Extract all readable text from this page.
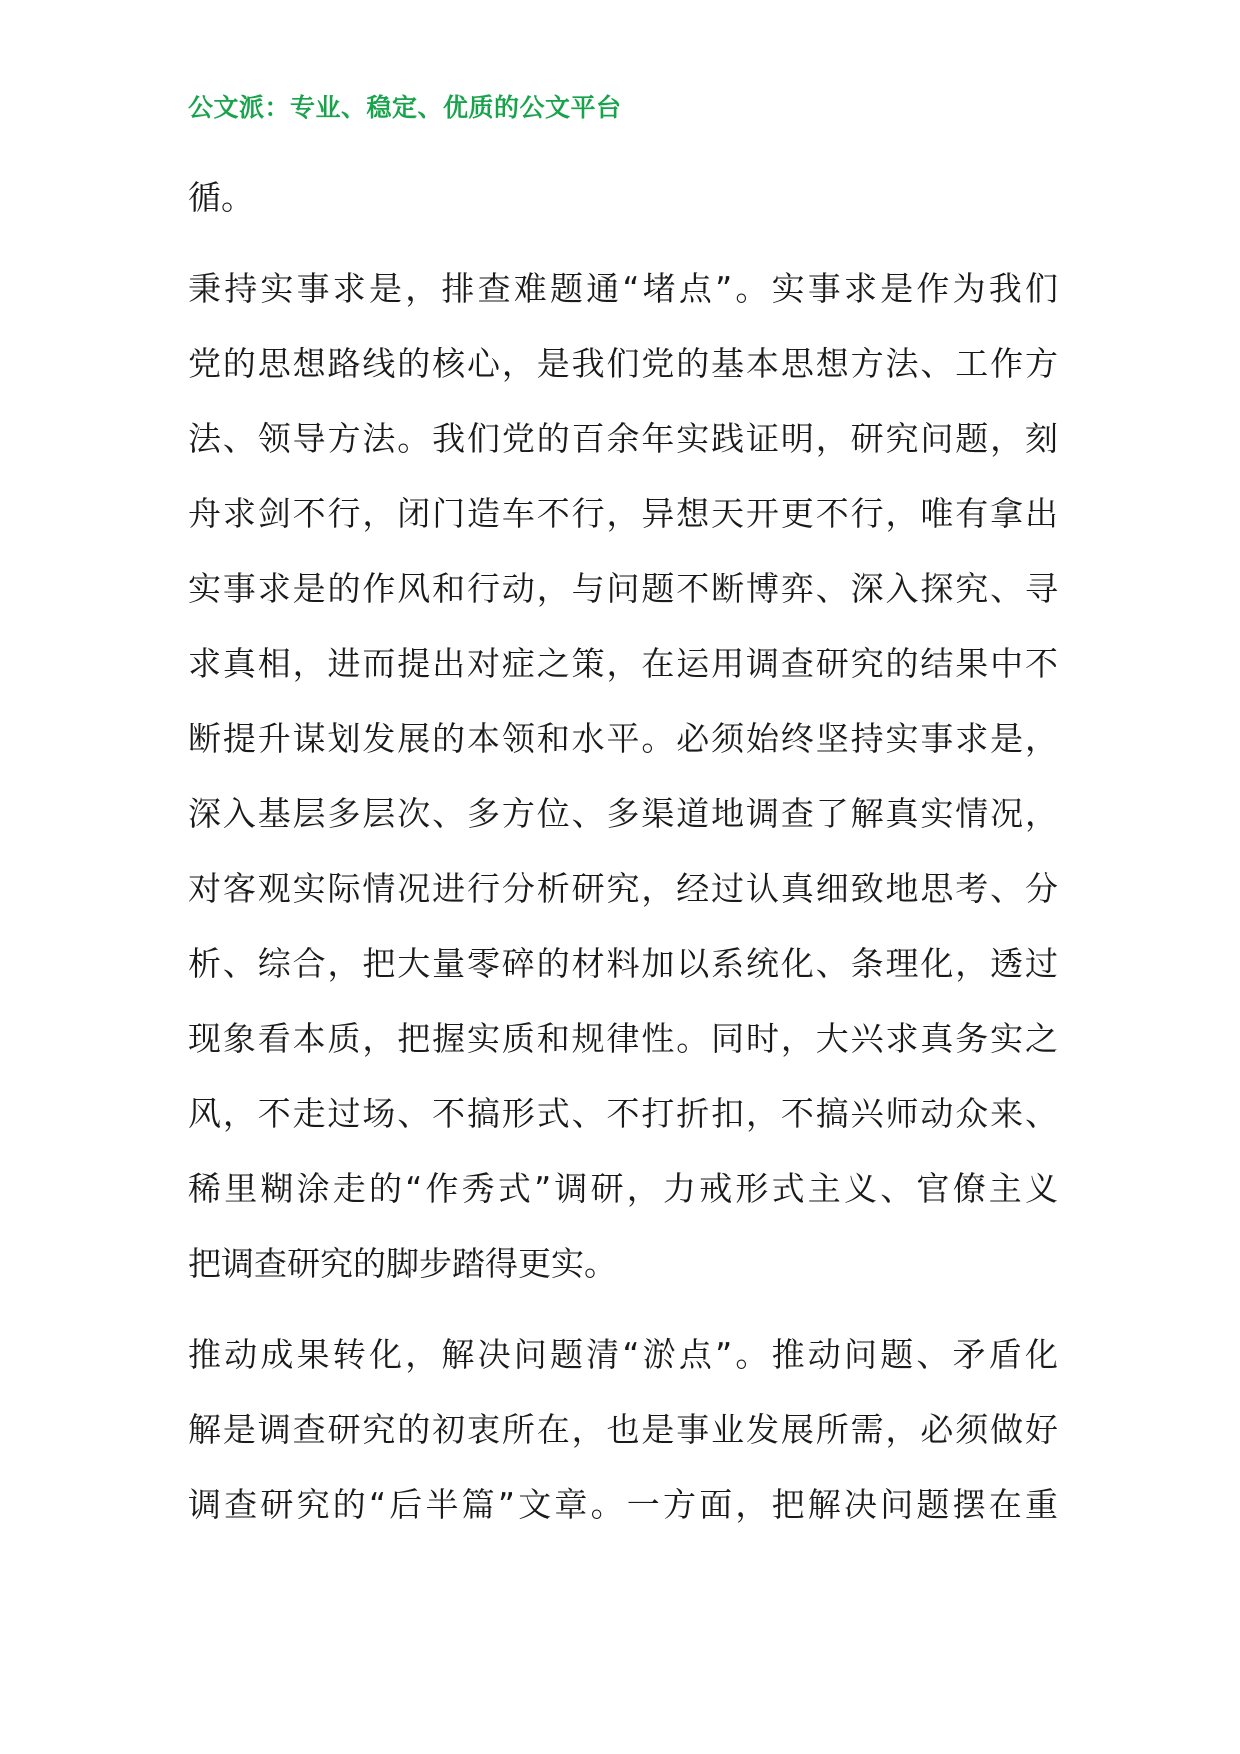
公文派：专业、稳定、优质的公文平台
循。
秉持实事求是，排查难题通“堵点”。实事求是作为我们
党的思想路线的核心，是我们党的基本思想方法、工作方
法、领导方法。我们党的百余年实践证明，研究问题，刻
舟求剑不行，闭门造车不行，异想天开更不行，唯有拿出
实事求是的作风和行动，与问题不断博弈、深入探究、寻
求真相，进而提出对症之策，在运用调查研究的结果中不
断提升谋划发展的本领和水平。必须始终坚持实事求是，
深入基层多层次、多方位、多渠道地调查了解真实情况，
对客观实际情况进行分析研究，经过认真细致地思考、分
析、综合，把大量零碎的材料加以系统化、条理化，透过
现象看本质，把握实质和规律性。同时，大兴求真务实之
风，不走过场、不搞形式、不打折扣，不搞兴师动众来、
稀里糊涂走的“作秀式”调研，力戒形式主义、官僚主义
把调查研究的脚步踏得更实。
推动成果转化，解决问题清“淤点”。推动问题、矛盾化
解是调查研究的初衷所在，也是事业发展所需，必须做好
调查研究的“后半篇”文章。一方面，把解决问题摆在重
